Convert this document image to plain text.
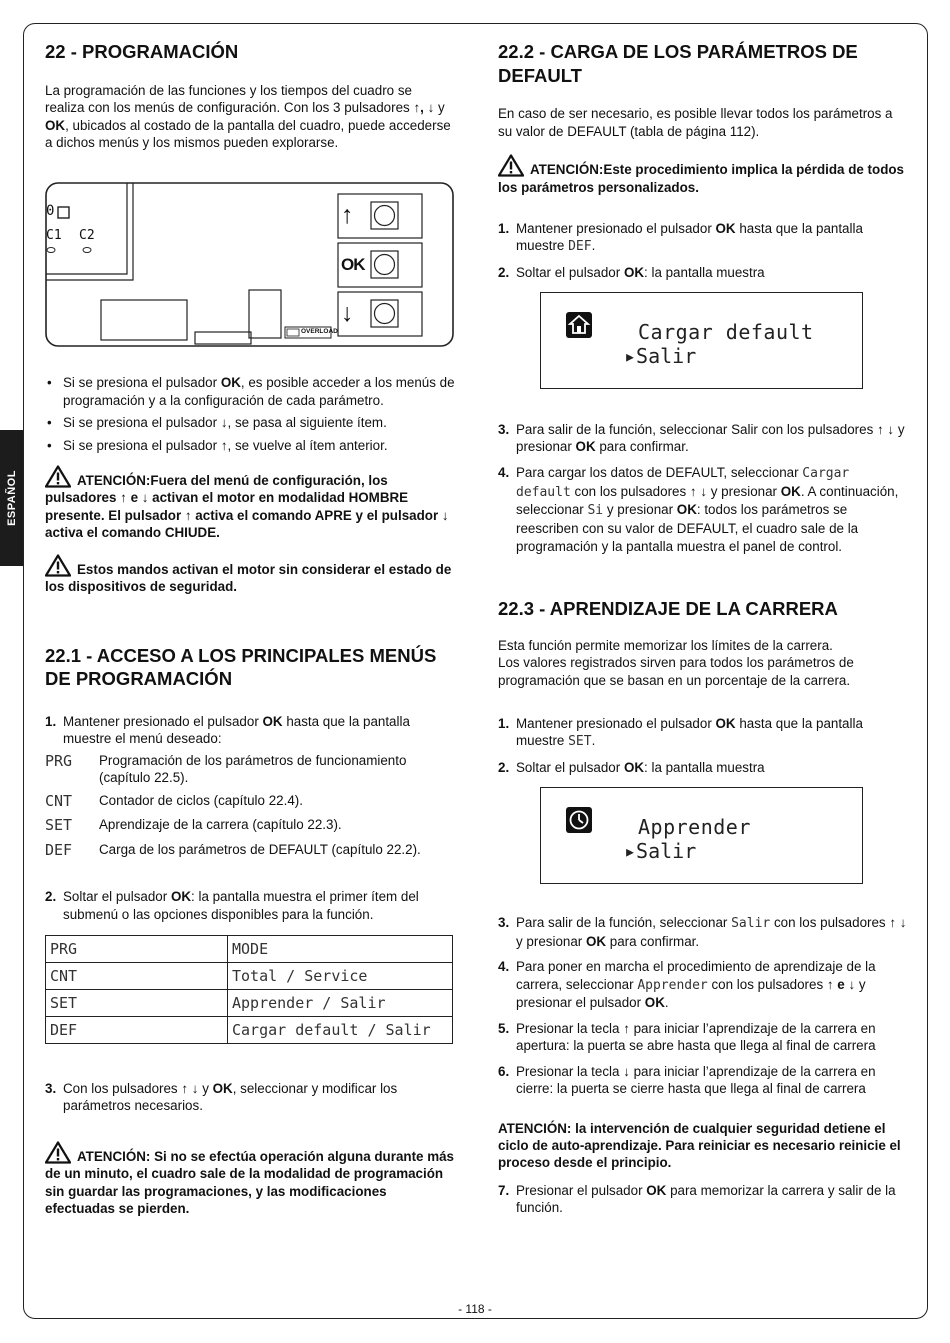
ESPAÑOL
22 - PROGRAMACIÓN

La programación de las funciones y los tiempos del cuadro se realiza con los menús de configuración. Con los 3 pulsadores ↑, ↓ y OK, ubicados al costado de la pantalla del cuadro, puede accederse a dichos menús y los mismos pueden explorarse.

0
C1 C2
↑
OK
↓
OVERLOAD
• Si se presiona el pulsador OK, es posible acceder a los menús de programación y a la configuración de cada parámetro.
• Si se presiona el pulsador ↓, se pasa al siguiente ítem.
• Si se presiona el pulsador ↑, se vuelve al ítem anterior.

ATENCIÓN:Fuera del menú de configuración, los pulsadores ↑ e ↓ activan el motor en modalidad HOMBRE presente. El pulsador ↑ activa el comando APRE y el pulsador ↓ activa el comando CHIUDE.

Estos mandos activan el motor sin considerar el estado de los dispositivos de seguridad.

22.1 - ACCESO A LOS PRINCIPALES MENÚS DE PROGRAMACIÓN
1. Mantener presionado el pulsador OK hasta que la pantalla muestre el menú deseado:
PRG	Programación de los parámetros de funcionamiento (capítulo 22.5).
CNT	Contador de ciclos (capítulo 22.4).
SET	Aprendizaje de la carrera (capítulo 22.3).
DEF	Carga de los parámetros de DEFAULT (capítulo 22.2).
2. Soltar el pulsador OK: la pantalla muestra el primer ítem del submenú o las opciones disponibles para la función.
PRG	MODE
CNT	Total / Service
SET	Apprender / Salir
DEF	Cargar default / Salir
3. Con los pulsadores ↑ ↓ y OK, seleccionar y modificar los parámetros necesarios.

ATENCIÓN: Si no se efectúa operación alguna durante más de un minuto, el cuadro sale de la modalidad de programación sin guardar las programaciones, y las modificaciones efectuadas se pierden.

22.2 - CARGA DE LOS PARÁMETROS DE DEFAULT

En caso de ser necesario, es posible llevar todos los parámetros a su valor de DEFAULT (tabla de página 112).

ATENCIÓN:Este procedimiento implica la pérdida de todos los parámetros personalizados.

1. Mantener presionado el pulsador OK hasta que la pantalla muestre DEF.
2. Soltar el pulsador OK: la pantalla muestra
Cargar default
▸Salir
3. Para salir de la función, seleccionar Salir con los pulsadores ↑ ↓ y presionar OK para confirmar.
4. Para cargar los datos de DEFAULT, seleccionar Cargar default con los pulsadores ↑ ↓ y presionar OK. A continuación, seleccionar Si y presionar OK: todos los parámetros se reescriben con su valor de DEFAULT, el cuadro sale de la programación y la pantalla muestra el panel de control.
22.3 - APRENDIZAJE DE LA CARRERA

Esta función permite memorizar los límites de la carrera.

Los valores registrados sirven para todos los parámetros de programación que se basan en un porcentaje de la carrera.

1. Mantener presionado el pulsador OK hasta que la pantalla muestre SET.
2. Soltar el pulsador OK: la pantalla muestra
Apprender
▸Salir
3. Para salir de la función, seleccionar Salir con los pulsadores ↑ ↓ y presionar OK para confirmar.
4. Para poner en marcha el procedimiento de aprendizaje de la carrera, seleccionar Apprender con los pulsadores ↑ e ↓ y presionar el pulsador OK.
5. Presionar la tecla ↑ para iniciar l’aprendizaje de la carrera en apertura: la puerta se abre hasta que llega al final de carrera
6. Presionar la tecla ↓ para iniciar l’aprendizaje de la carrera en cierre: la puerta se cierre hasta que llega al final de carrera

ATENCIÓN: la intervención de cualquier seguridad detiene el ciclo de auto-aprendizaje. Para reiniciar es necesario reinicie el proceso desde el principio.

7. Presionar el pulsador OK para memorizar la carrera y salir de la función.
- 118 -
